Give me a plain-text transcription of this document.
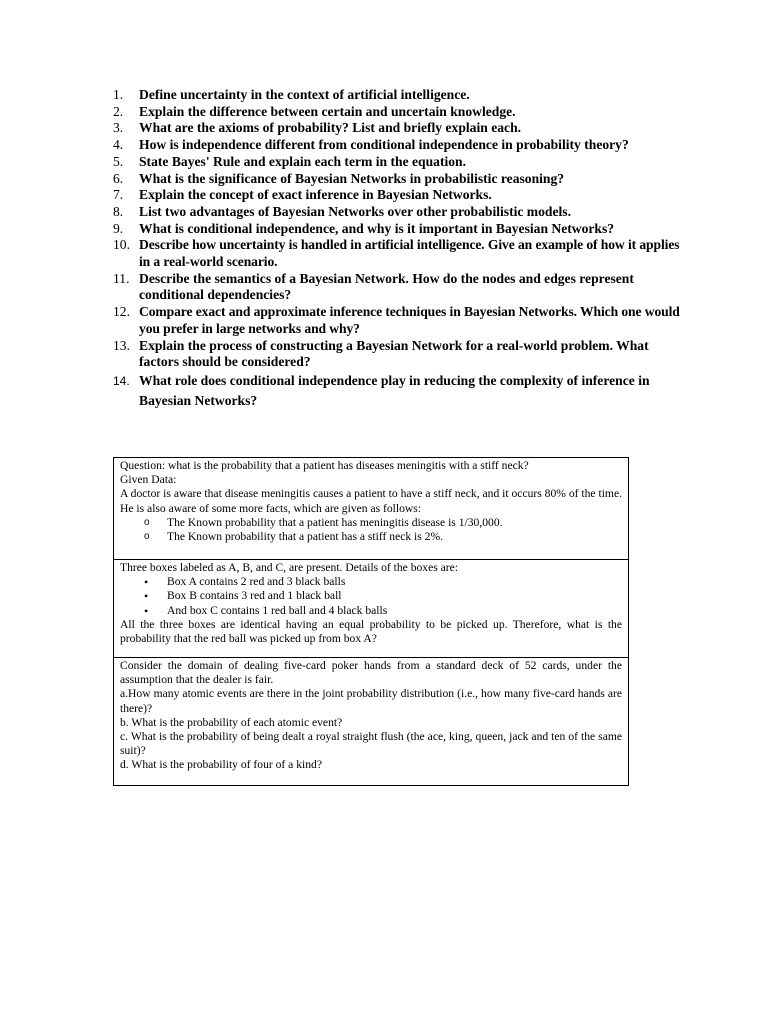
1.	Define uncertainty in the context of artificial intelligence.
2.	Explain the difference between certain and uncertain knowledge.
3.	What are the axioms of probability? List and briefly explain each.
4.	How is independence different from conditional independence in probability theory?
5.	State Bayes' Rule and explain each term in the equation.
6.	What is the significance of Bayesian Networks in probabilistic reasoning?
7.	Explain the concept of exact inference in Bayesian Networks.
8.	List two advantages of Bayesian Networks over other probabilistic models.
9.	What is conditional independence, and why is it important in Bayesian Networks?
10. Describe how uncertainty is handled in artificial intelligence. Give an example of how it applies in a real-world scenario.
11. Describe the semantics of a Bayesian Network. How do the nodes and edges represent conditional dependencies?
12. Compare exact and approximate inference techniques in Bayesian Networks. Which one would you prefer in large networks and why?
13. Explain the process of constructing a Bayesian Network for a real-world problem. What factors should be considered?
14. What role does conditional independence play in reducing the complexity of inference in Bayesian Networks?

Question: what is the probability that a patient has diseases meningitis with a stiff neck?

Given Data:

A doctor is aware that disease meningitis causes a patient to have a stiff neck, and it occurs 80% of the time. He is also aware of some more facts, which are given as follows:

o The Known probability that a patient has meningitis disease is 1/30,000.
o The Known probability that a patient has a stiff neck is 2%.

Three boxes labeled as A, B, and C, are present. Details of the boxes are:

• Box A contains 2 red and 3 black balls
• Box B contains 3 red and 1 black ball
• And box C contains 1 red ball and 4 black balls

All the three boxes are identical having an equal probability to be picked up. Therefore, what is the probability that the red ball was picked up from box A?

Consider the domain of dealing five-card poker hands from a standard deck of 52 cards, under the assumption that the dealer is fair.

a.How many atomic events are there in the joint probability distribution (i.e., how many five-card hands are there)?

b. What is the probability of each atomic event?

c. What is the probability of being dealt a royal straight flush (the ace, king, queen, jack and ten of the same suit)?

d. What is the probability of four of a kind?
